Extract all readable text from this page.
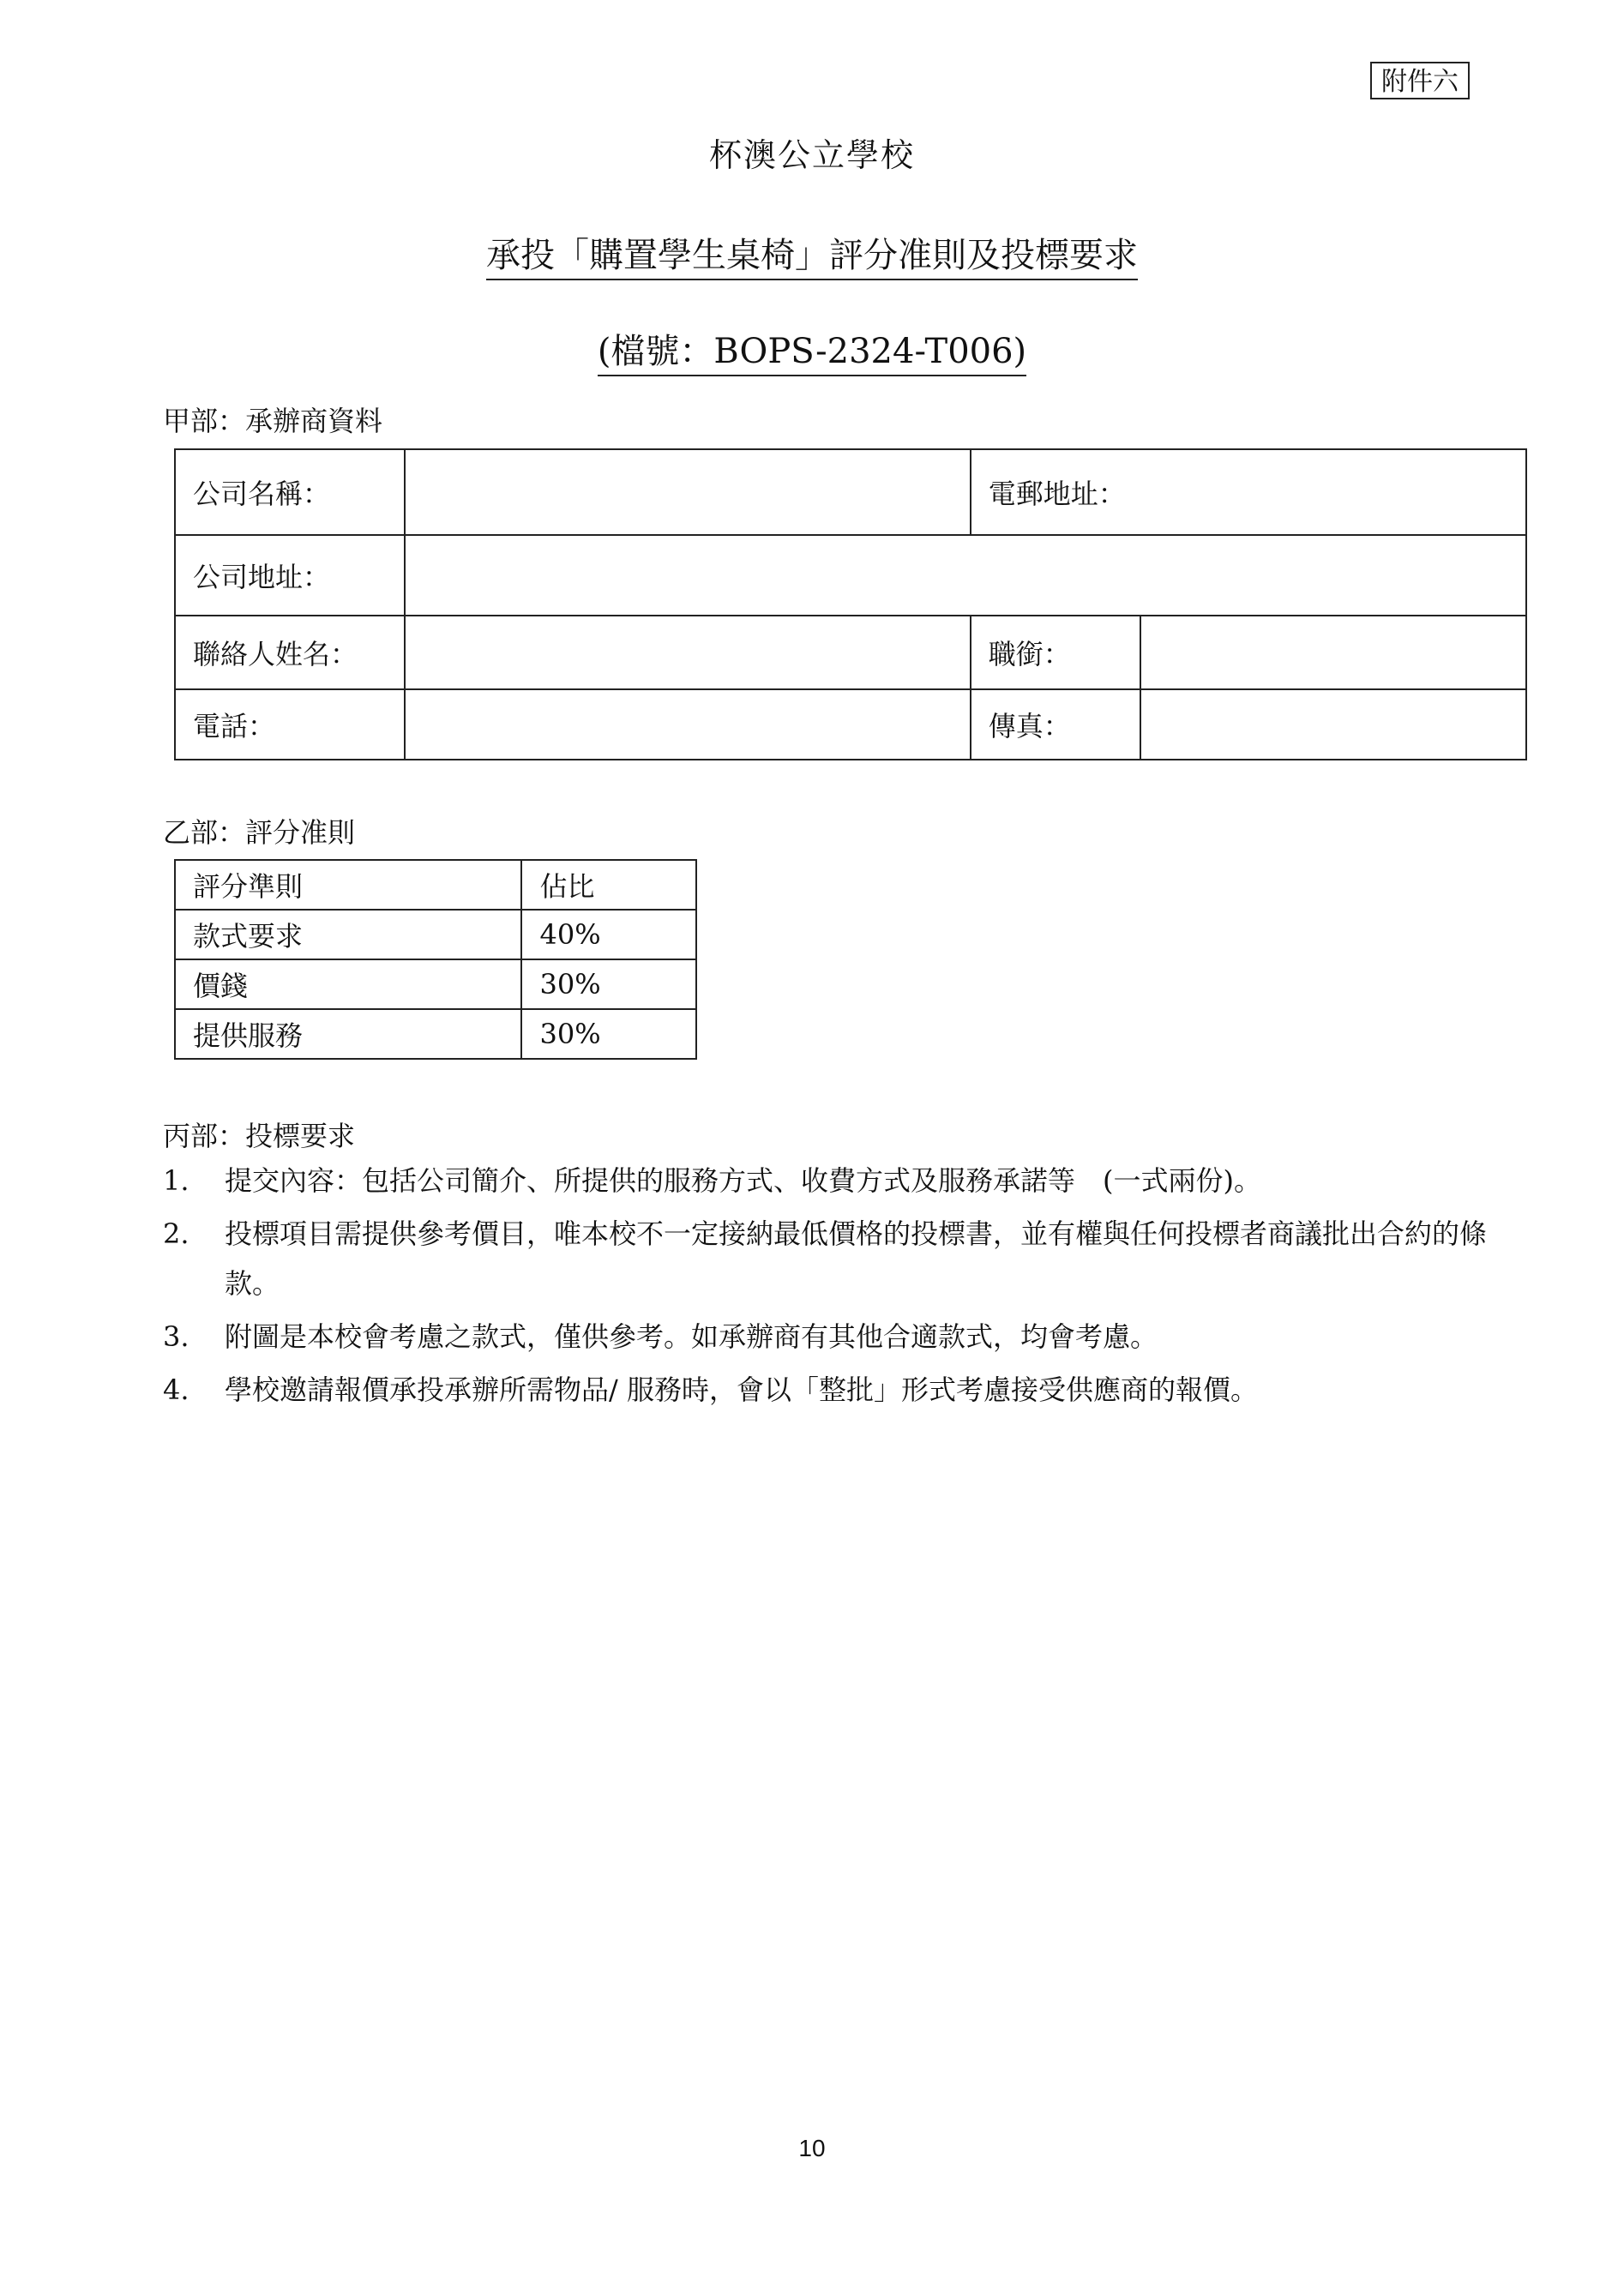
附件六
杯澳公立學校
承投「購置學生桌椅」評分准則及投標要求
(檔號：BOPS-2324-T006)
甲部：承辦商資料
公司名稱：		電郵地址：	
公司地址：			
聯絡人姓名：		職銜：	
電話：		傳真：	
乙部：評分准則
評分準則	佔比
款式要求	40%
價錢	30%
提供服務	30%
丙部：投標要求
1.	提交內容：包括公司簡介、所提供的服務方式、收費方式及服務承諾等　(一式兩份)。
2.	投標項目需提供參考價目，唯本校不一定接納最低價格的投標書，並有權與任何投標者商議批出合約的條款。
3.	附圖是本校會考慮之款式，僅供參考。如承辦商有其他合適款式，均會考慮。
4.	學校邀請報價承投承辦所需物品/ 服務時，會以「整批」形式考慮接受供應商的報價。
10
